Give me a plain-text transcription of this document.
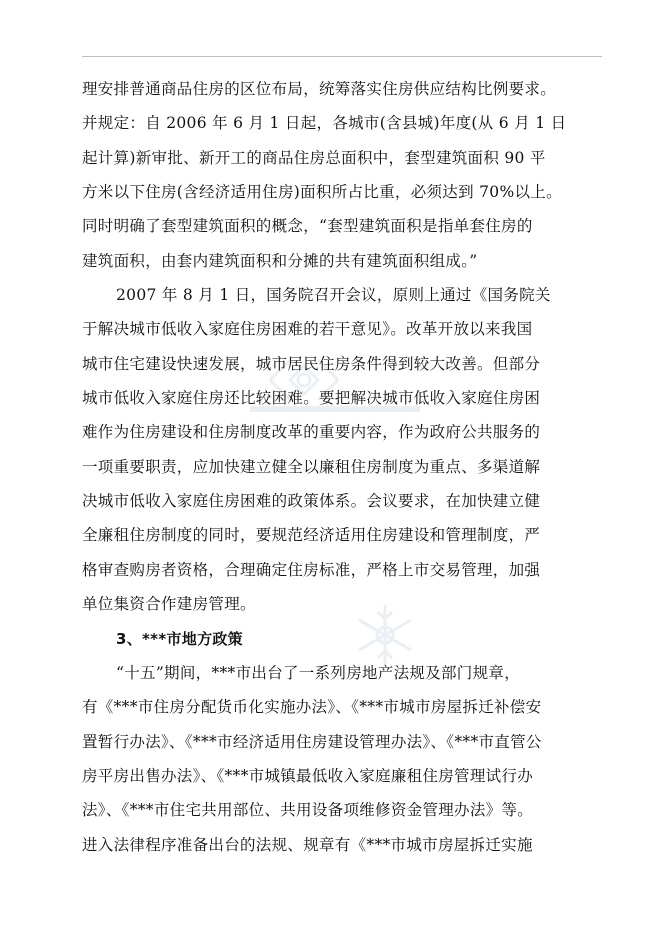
理安排普通商品住房的区位布局，统筹落实住房供应结构比例要求。
并规定：自 2006 年 6 月 1 日起，各城市(含县城)年度(从 6 月 1 日
起计算)新审批、新开工的商品住房总面积中，套型建筑面积 90 平
方米以下住房(含经济适用住房)面积所占比重，必须达到 70%以上。
同时明确了套型建筑面积的概念，“套型建筑面积是指单套住房的
建筑面积，由套内建筑面积和分摊的共有建筑面积组成。”
2007 年 8 月 1 日，国务院召开会议，原则上通过《国务院关
于解决城市低收入家庭住房困难的若干意见》。改革开放以来我国
城市住宅建设快速发展，城市居民住房条件得到较大改善。但部分
城市低收入家庭住房还比较困难。要把解决城市低收入家庭住房困
难作为住房建设和住房制度改革的重要内容，作为政府公共服务的
一项重要职责，应加快建立健全以廉租住房制度为重点、多渠道解
决城市低收入家庭住房困难的政策体系。会议要求，在加快建立健
全廉租住房制度的同时，要规范经济适用住房建设和管理制度，严
格审查购房者资格，合理确定住房标准，严格上市交易管理，加强
单位集资合作建房管理。
3、***市地方政策
“十五”期间，***市出台了一系列房地产法规及部门规章，
有《***市住房分配货币化实施办法》、《***市城市房屋拆迁补偿安
置暂行办法》、《***市经济适用住房建设管理办法》、《***市直管公
房平房出售办法》、《***市城镇最低收入家庭廉租住房管理试行办
法》、《***市住宅共用部位、共用设备项维修资金管理办法》等。
进入法律程序准备出台的法规、规章有《***市城市房屋拆迁实施
